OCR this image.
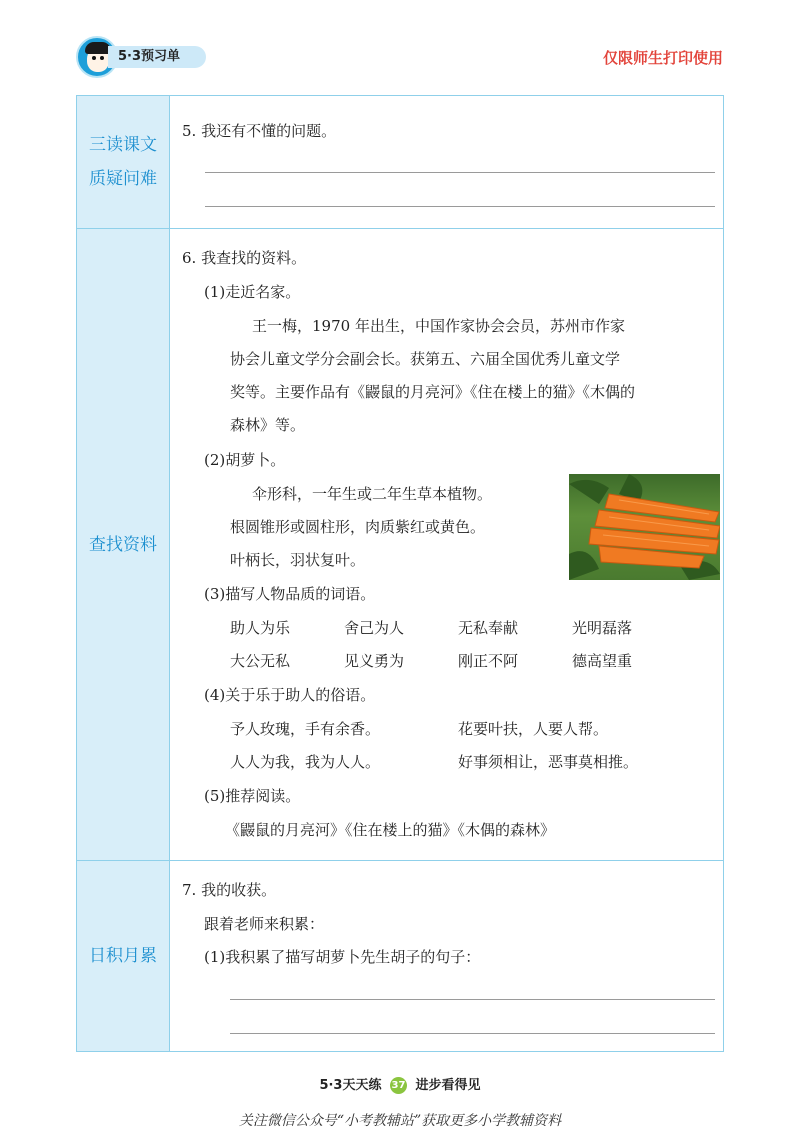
5·3预习单	仅限师生打印使用
三读课文
质疑问难
5. 我还有不懂的问题。
查找资料
6. 我查找的资料。
(1)走近名家。
王一梅，1970 年出生，中国作家协会会员，苏州市作家
协会儿童文学分会副会长。获第五、六届全国优秀儿童文学
奖等。主要作品有《鼹鼠的月亮河》《住在楼上的猫》《木偶的
森林》等。
(2)胡萝卜。
伞形科，一年生或二年生草本植物。
根圆锥形或圆柱形，肉质紫红或黄色。
叶柄长，羽状复叶。
(3)描写人物品质的词语。
助人为乐	舍己为人	无私奉献	光明磊落
大公无私	见义勇为	刚正不阿	德高望重
(4)关于乐于助人的俗语。
予人玫瑰，手有余香。	花要叶扶，人要人帮。
人人为我，我为人人。	好事须相让，恶事莫相推。
(5)推荐阅读。
《鼹鼠的月亮河》《住在楼上的猫》《木偶的森林》
日积月累
7. 我的收获。
跟着老师来积累：
(1)我积累了描写胡萝卜先生胡子的句子：
5·3天天练 37 进步看得见
关注微信公众号“小考教辅站”获取更多小学教辅资料
